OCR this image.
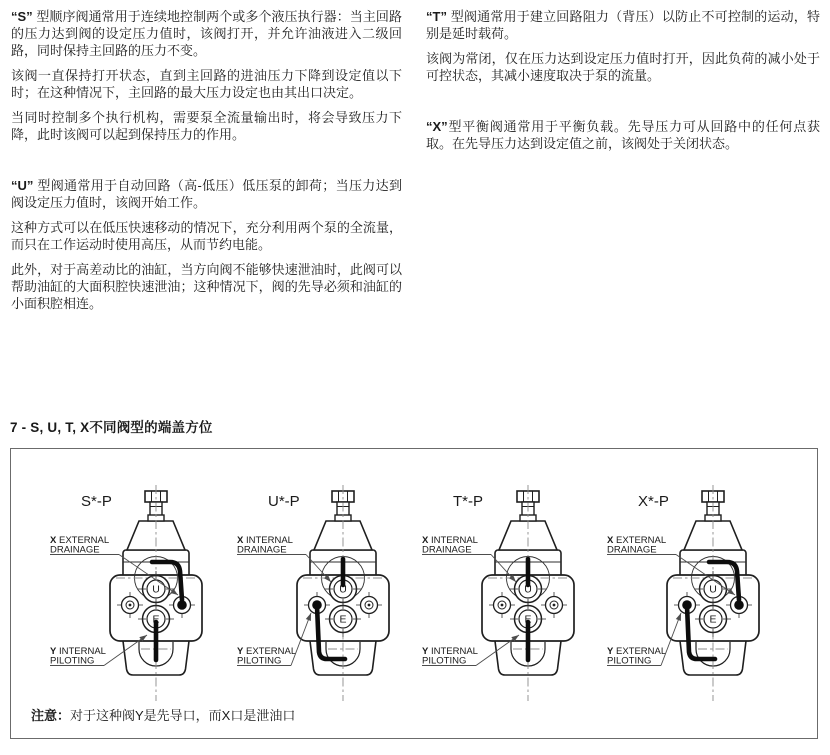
“S” 型顺序阀通常用于连续地控制两个或多个液压执行器：当主回路的压力达到阀的设定压力值时，该阀打开，并允许油液进入二级回路，同时保持主回路的压力不变。

该阀一直保持打开状态，直到主回路的进油压力下降到设定值以下时；在这种情况下，主回路的最大压力设定也由其出口决定。

当同时控制多个执行机构，需要泵全流量输出时，将会导致压力下降，此时该阀可以起到保持压力的作用。

“U” 型阀通常用于自动回路（高-低压）低压泵的卸荷；当压力达到阀设定压力值时，该阀开始工作。

这种方式可以在低压快速移动的情况下，充分利用两个泵的全流量，而只在工作运动时使用高压，从而节约电能。

此外，对于高差动比的油缸，当方向阀不能够快速泄油时，此阀可以帮助油缸的大面积腔快速泄油；这种情况下，阀的先导必须和油缸的小面积腔相连。

“T” 型阀通常用于建立回路阻力（背压）以防止不可控制的运动，特别是延时载荷。

该阀为常闭，仅在压力达到设定压力值时打开，因此负荷的减小处于可控状态，其减小速度取决于泵的流量。

“X”型平衡阀通常用于平衡负载。先导压力可从回路中的任何点获取。在先导压力达到设定值之前，该阀处于关闭状态。

7 - S, U, T, X不同阀型的端盖方位
U
E
S*-P
X EXTERNAL
DRAINAGE
Y INTERNAL
PILOTING
U
E
U*-P
X INTERNAL
DRAINAGE
Y EXTERNAL
PILOTING
U
E
T*-P
X INTERNAL
DRAINAGE
Y INTERNAL
PILOTING
U
E
X*-P
X EXTERNAL
DRAINAGE
Y EXTERNAL
PILOTING

注意：对于这种阀Y是先导口，而X口是泄油口
